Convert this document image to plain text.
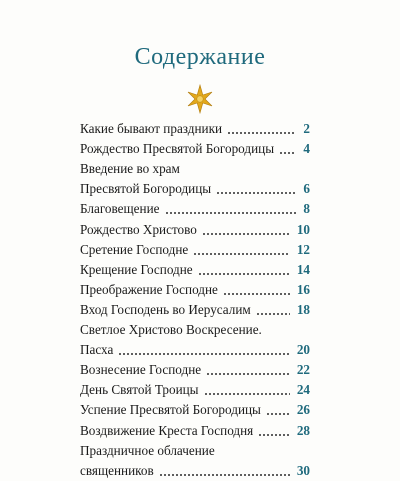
Содержание
Какие бывают праздники	2
Рождество Пресвятой Богородицы 4
Введение во храм
Пресвятой Богородицы	6
Благовещение	8
Рождество Христово	10
Сретение Господне	12
Крещение Господне	14
Преображение Господне	16
Вход Господень во Иерусалим	18
Светлое Христово Воскресение.
Пасха	20
Вознесение Господне	22
День Святой Троицы	24
Успение Пресвятой Богородицы	26
Воздвижение Креста Господня	28
Праздничное облачение
священников	30
